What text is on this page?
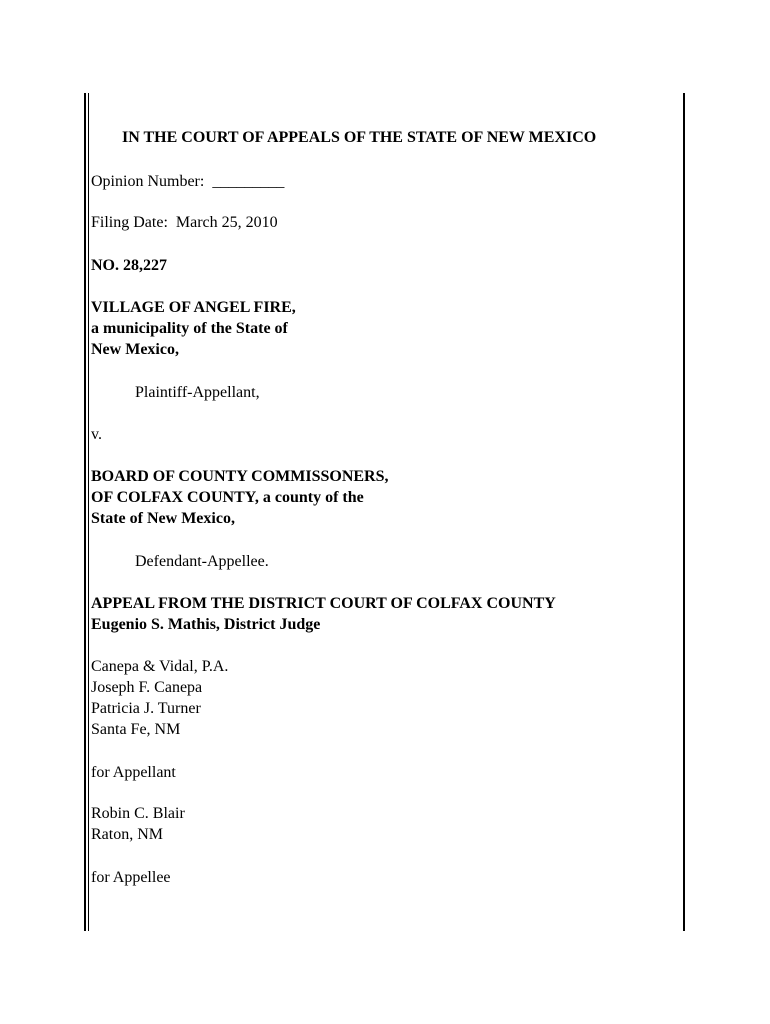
IN THE COURT OF APPEALS OF THE STATE OF NEW MEXICO
Opinion Number:  _________
Filing Date:  March 25, 2010
NO. 28,227
VILLAGE OF ANGEL FIRE,
a municipality of the State of
New Mexico,
Plaintiff-Appellant,
v.
BOARD OF COUNTY COMMISSONERS,
OF COLFAX COUNTY, a county of the
State of New Mexico,
Defendant-Appellee.
APPEAL FROM THE DISTRICT COURT OF COLFAX COUNTY
Eugenio S. Mathis, District Judge
Canepa & Vidal, P.A.
Joseph F. Canepa
Patricia J. Turner
Santa Fe, NM
for Appellant
Robin C. Blair
Raton, NM
for Appellee
